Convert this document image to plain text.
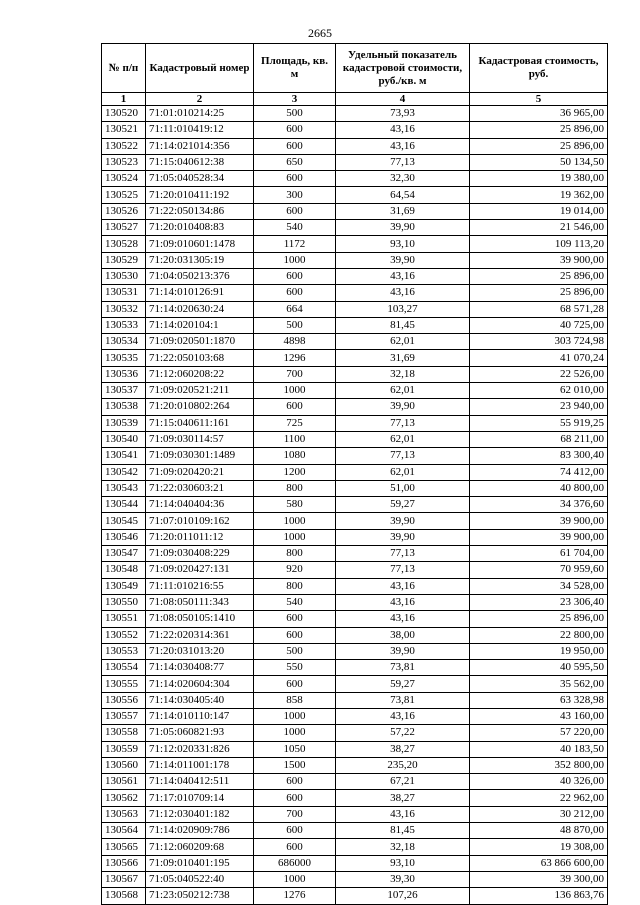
2665
№ п/п	Кадастровый номер	Площадь, кв. м	Удельный показатель кадастровой стоимости, руб./кв. м	Кадастровая стоимость, руб.
1	2	3	4	5
130520	71:01:010214:25	500	73,93	36 965,00
130521	71:11:010419:12	600	43,16	25 896,00
130522	71:14:021014:356	600	43,16	25 896,00
130523	71:15:040612:38	650	77,13	50 134,50
130524	71:05:040528:34	600	32,30	19 380,00
130525	71:20:010411:192	300	64,54	19 362,00
130526	71:22:050134:86	600	31,69	19 014,00
130527	71:20:010408:83	540	39,90	21 546,00
130528	71:09:010601:1478	1172	93,10	109 113,20
130529	71:20:031305:19	1000	39,90	39 900,00
130530	71:04:050213:376	600	43,16	25 896,00
130531	71:14:010126:91	600	43,16	25 896,00
130532	71:14:020630:24	664	103,27	68 571,28
130533	71:14:020104:1	500	81,45	40 725,00
130534	71:09:020501:1870	4898	62,01	303 724,98
130535	71:22:050103:68	1296	31,69	41 070,24
130536	71:12:060208:22	700	32,18	22 526,00
130537	71:09:020521:211	1000	62,01	62 010,00
130538	71:20:010802:264	600	39,90	23 940,00
130539	71:15:040611:161	725	77,13	55 919,25
130540	71:09:030114:57	1100	62,01	68 211,00
130541	71:09:030301:1489	1080	77,13	83 300,40
130542	71:09:020420:21	1200	62,01	74 412,00
130543	71:22:030603:21	800	51,00	40 800,00
130544	71:14:040404:36	580	59,27	34 376,60
130545	71:07:010109:162	1000	39,90	39 900,00
130546	71:20:011011:12	1000	39,90	39 900,00
130547	71:09:030408:229	800	77,13	61 704,00
130548	71:09:020427:131	920	77,13	70 959,60
130549	71:11:010216:55	800	43,16	34 528,00
130550	71:08:050111:343	540	43,16	23 306,40
130551	71:08:050105:1410	600	43,16	25 896,00
130552	71:22:020314:361	600	38,00	22 800,00
130553	71:20:031013:20	500	39,90	19 950,00
130554	71:14:030408:77	550	73,81	40 595,50
130555	71:14:020604:304	600	59,27	35 562,00
130556	71:14:030405:40	858	73,81	63 328,98
130557	71:14:010110:147	1000	43,16	43 160,00
130558	71:05:060821:93	1000	57,22	57 220,00
130559	71:12:020331:826	1050	38,27	40 183,50
130560	71:14:011001:178	1500	235,20	352 800,00
130561	71:14:040412:511	600	67,21	40 326,00
130562	71:17:010709:14	600	38,27	22 962,00
130563	71:12:030401:182	700	43,16	30 212,00
130564	71:14:020909:786	600	81,45	48 870,00
130565	71:12:060209:68	600	32,18	19 308,00
130566	71:09:010401:195	686000	93,10	63 866 600,00
130567	71:05:040522:40	1000	39,30	39 300,00
130568	71:23:050212:738	1276	107,26	136 863,76
